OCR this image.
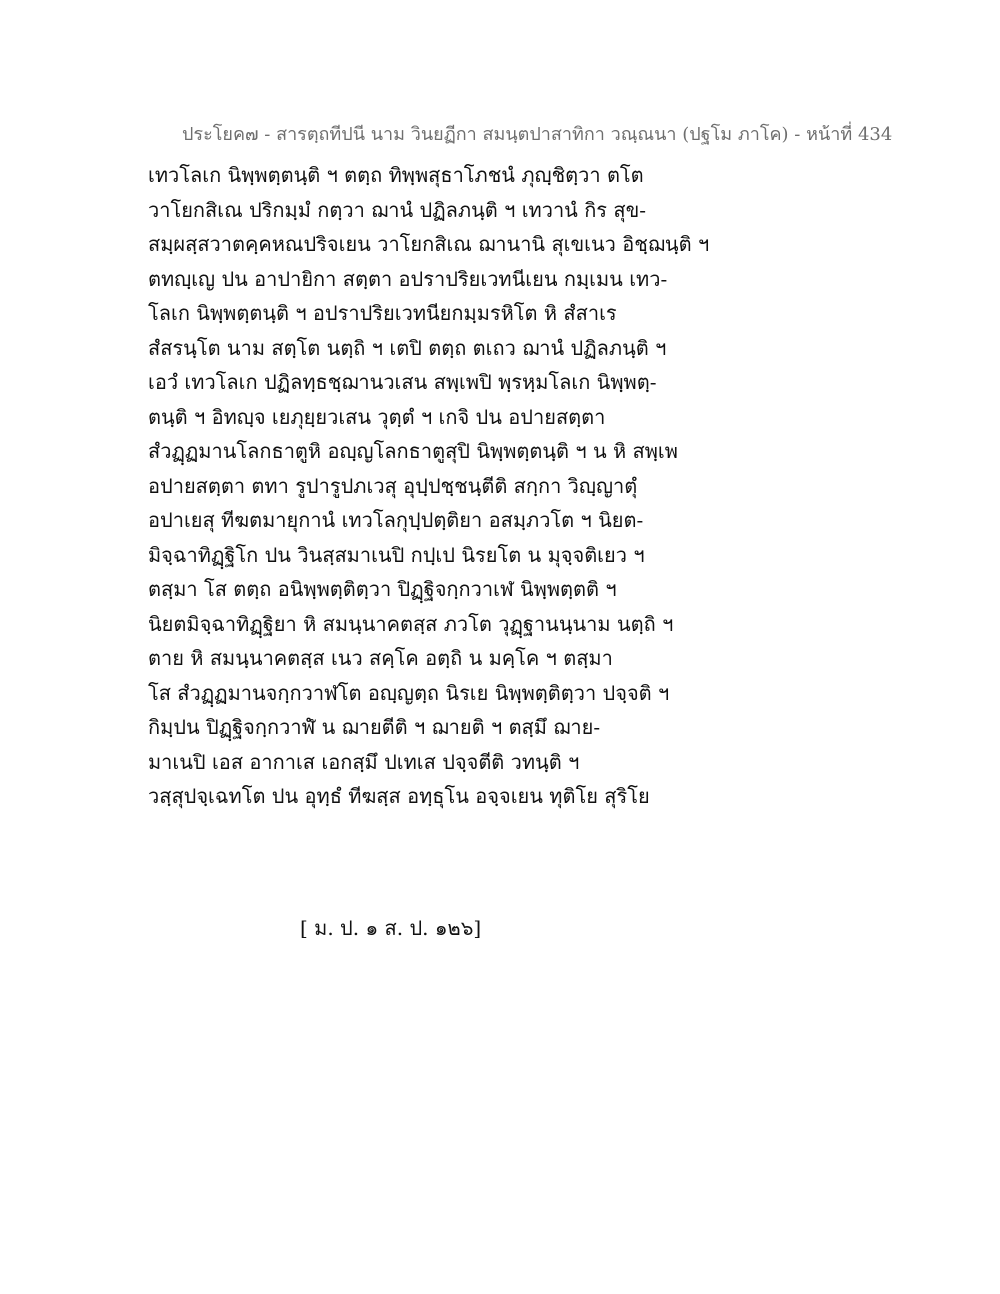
ประโยค๗ - สารตฺถทีปนี นาม วินยฏีกา สมนฺตปาสาทิกา วณฺณนา (ปฐโม ภาโค) - หน้าที่ 434
เทวโลเก นิพฺพตฺตนฺติ ฯ ตตฺถ ทิพฺพสุธาโภชนํ ภุญฺชิตฺวา ตโต
วาโยกสิเณ ปริกมฺมํ กตฺวา ฌานํ ปฏิลภนฺติ ฯ เทวานํ กิร สุข-
สมฺผสฺสวาตคฺคหณปริจเยน วาโยกสิเณ ฌานานิ สุเขเนว อิชฺฌนฺติ ฯ
ตทญฺเญ ปน อาปายิกา สตฺตา อปราปริยเวทนีเยน กมฺเมน เทว-
โลเก นิพฺพตฺตนฺติ ฯ อปราปริยเวทนียกมฺมรหิโต หิ สํสาเร
สํสรนฺโต นาม สตฺโต นตฺถิ ฯ เตปิ ตตฺถ ตเถว ฌานํ ปฏิลภนฺติ ฯ
เอวํ เทวโลเก ปฏิลทฺธชฺฌานวเสน สพฺเพปิ พฺรหฺมโลเก นิพฺพตฺ-
ตนฺติ ฯ อิทญฺจ เยภุยฺยวเสน วุตฺตํ ฯ เกจิ ปน อปายสตฺตา
สํวฏฺฏมานโลกธาตูหิ อญฺญโลกธาตูสุปิ นิพฺพตฺตนฺติ ฯ น หิ สพฺเพ
อปายสตฺตา ตทา รูปารูปภเวสุ อุปฺปชฺชนฺตีติ สกฺกา วิญฺญาตุํ
อปาเยสุ ทีฆตมายุกานํ เทวโลกุปฺปตฺติยา อสมฺภวโต ฯ นิยต-
มิจฺฉาทิฏฺฐิโก ปน วินสฺสมาเนปิ กปฺเป นิรยโต น มุจฺจติเยว ฯ
ตสฺมา โส ตตฺถ อนิพฺพตฺติตฺวา ปิฏฺฐิจกฺกวาเฬ นิพฺพตฺตติ ฯ
นิยตมิจฺฉาทิฏฺฐิยา หิ สมนฺนาคตสฺส ภวโต วุฏฺฐานนฺนาม นตฺถิ ฯ
ตาย หิ สมนฺนาคตสฺส เนว สคฺโค อตฺถิ น มคฺโค ฯ ตสฺมา
โส สํวฏฺฏมานจกฺกวาฬโต อญฺญตฺถ นิรเย นิพฺพตฺติตฺวา ปจฺจติ ฯ
กิมฺปน ปิฏฺฐิจกฺกวาฬํ น ฌายตีติ ฯ ฌายติ ฯ ตสฺมึ ฌาย-
มาเนปิ เอส อากาเส เอกสฺมึ ปเทเส ปจฺจตีติ วทนฺติ ฯ
วสฺสุปจฺเฉทโต ปน อุทฺธํ ทีฆสฺส อทฺธุโน อจฺจเยน ทุติโย สุริโย
[ ม. ป. ๑ ส. ป. ๑๒๖]
